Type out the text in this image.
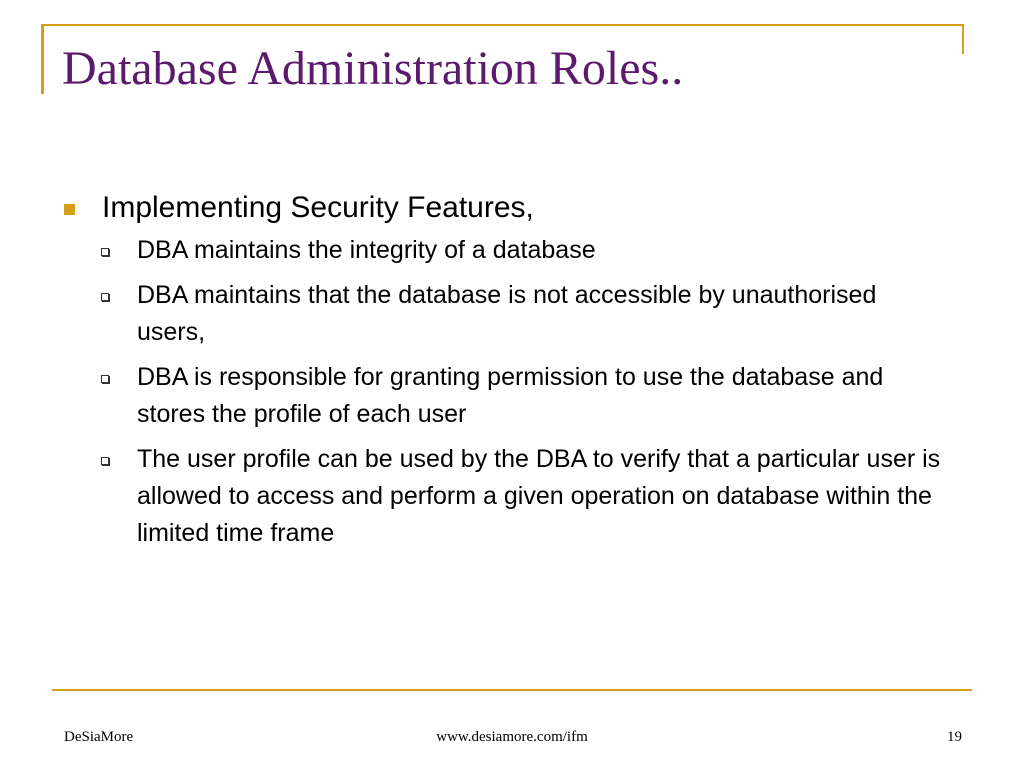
Database Administration Roles..
Implementing Security Features,
DBA maintains the integrity of a database
DBA maintains that the database is not accessible by unauthorised users,
DBA is responsible for granting permission to use the database and stores the profile of each user
The user profile can be used by the DBA to verify that a particular user is allowed to access and perform a given operation on database within the limited time frame
DeSiaMore	www.desiamore.com/ifm	19
